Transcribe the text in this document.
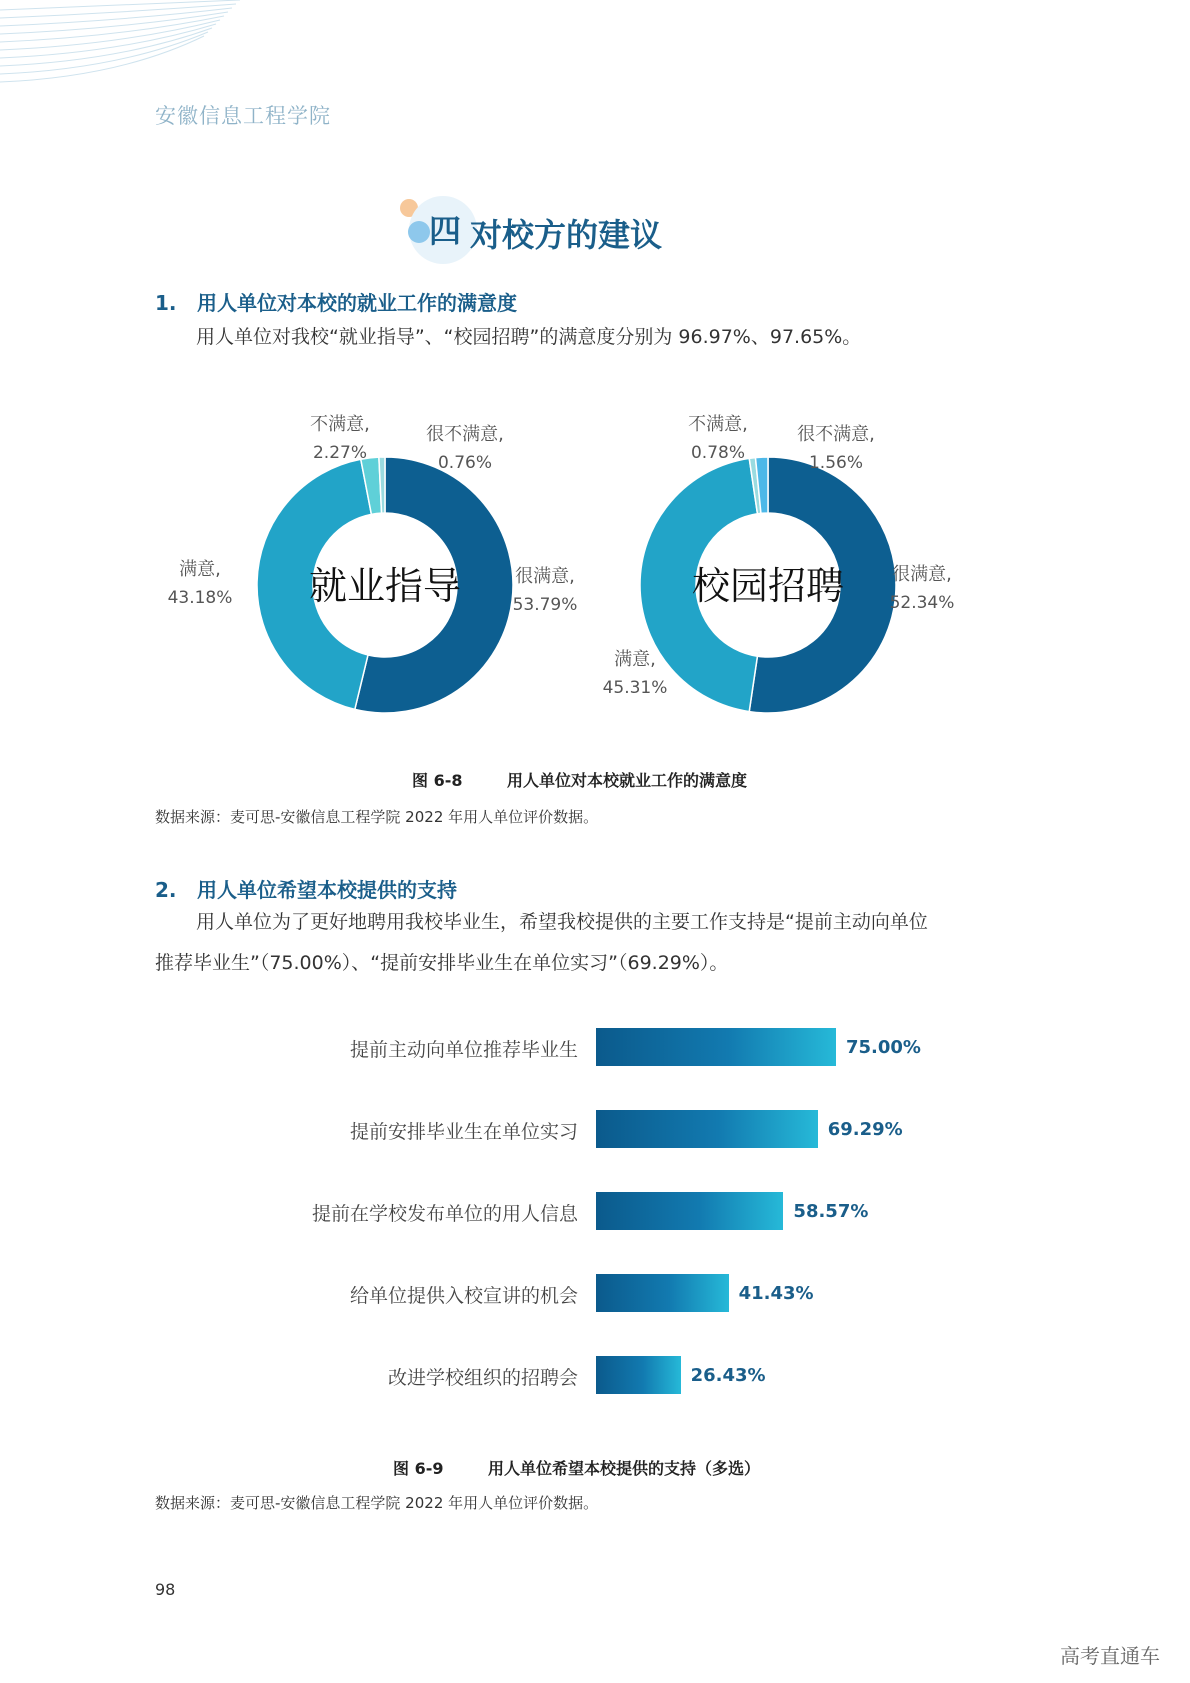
安徽信息工程学院
四 对校方的建议
1. 用人单位对本校的就业工作的满意度
用人单位对我校“就业指导”、“校园招聘”的满意度分别为 96.97%、97.65%。
很满意,
53.79%
满意,
43.18%
不满意,
2.27%
很不满意,
0.76%
就业指导	很满意,
52.34%
满意,
45.31%
不满意,
0.78%
很不满意,
1.56%
校园招聘
图 6-8        用人单位对本校就业工作的满意度
数据来源：麦可思-安徽信息工程学院 2022 年用人单位评价数据。
2. 用人单位希望本校提供的支持
用人单位为了更好地聘用我校毕业生，希望我校提供的主要工作支持是“提前主动向单位
推荐毕业生”（75.00%）、“提前安排毕业生在单位实习”（69.29%）。
提前主动向单位推荐毕业生	75.00%
提前安排毕业生在单位实习	69.29%
提前在学校发布单位的用人信息	58.57%
给单位提供入校宣讲的机会	41.43%
改进学校组织的招聘会	26.43%
图 6-9        用人单位希望本校提供的支持（多选）
数据来源：麦可思-安徽信息工程学院 2022 年用人单位评价数据。
98
高考直通车
